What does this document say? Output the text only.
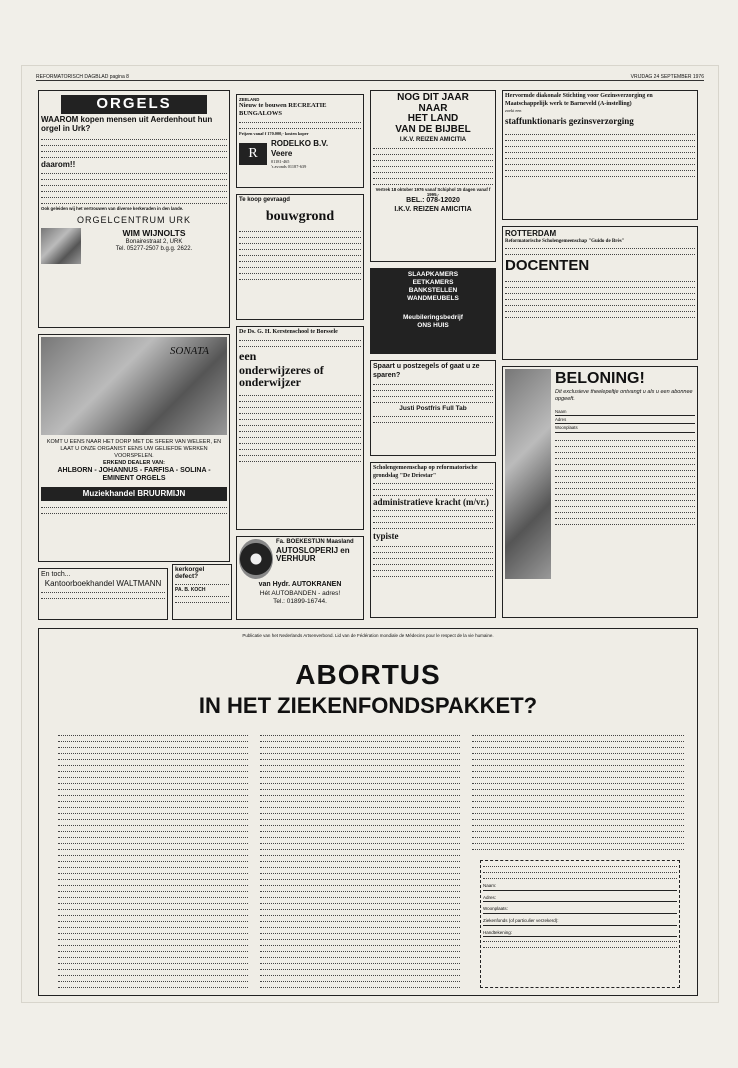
REFORMATORISCH DAGBLAD pagina 8	VRIJDAG 24 SEPTEMBER 1976
ORGELS
WAAROM kopen mensen uit Aerdenhout hun orgel in Urk?
daarom!!
Ook geleiden wij het vertrouwen van diverse kerkeraden in den lande.
ORGELCENTRUM URK
WIM WIJNOLTS
Bonairestraat 2, URK
Tel. 05277-2507 b.g.g. 2622.
ZEELAND
Nieuw te bouwen RECREATIE BUNGALOWS
Prijzen vanaf f 170.000,- kosten koper
R
RODELKO B.V.
Veere
01181-465
's avonds 01187-639
NOG DIT JAAR
NAAR
HET LAND
VAN DE BIJBEL
I.K.V. REIZEN AMICITIA
Vertrek 18 oktober 1976 vanaf Schiphol 15 dagen vanaf f 1995,-
BEL.: 078-12020
I.K.V. REIZEN AMICITIA
Hervormde diakonale Stichting voor Gezinsverzorging en Maatschappelijk werk te Barneveld (A-instelling)
zoekt een
staffunktionaris gezinsverzorging
Te koop gevraagd
bouwgrond
SLAAPKAMERS
EETKAMERS
BANKSTELLEN
WANDMEUBELS
Meubileringsbedrijf
ONS HUIS
ROTTERDAM
Reformatorische Scholengemeenschap "Guido de Brès"
DOCENTEN
SONATA
KOMT U EENS NAAR HET DORP MET DE SFEER VAN WELEER, EN LAAT U ONZE ORGANIST EENS UW GELIEFDE WERKEN VOORSPELEN.
ERKEND DEALER VAN:
AHLBORN - JOHANNUS - FARFISA - SOLINA - EMINENT ORGELS
Muziekhandel BRUURMIJN
De Ds. G. H. Kerstenschool te Borssele
een
onderwijzeres of onderwijzer
Spaart u postzegels of gaat u ze sparen?
Justi Postfris Full Tab
BELONING!
Dit exclusieve theelepeltje ontvangt u als u een abonnee opgeeft.
Naam
Adres
Woonplaats
Scholengemeenschap op reformatorische grondslag "De Driestar"
administratieve kracht (m/vr.)
typiste
En toch...
Kantoorboekhandel WALTMANN
kerkorgel defect?
PA. B. KOCH
Fa. BOEKESTIJN Maasland
AUTOSLOPERIJ en VERHUUR
van Hydr. AUTOKRANEN
Hét AUTOBANDEN - adres!
Tel.: 01899-16744.
Publicatie van het Nederlands Artsenverbond. Lid van de Fédération mondiale de Médecins pour le respect de la vie humaine.
ABORTUS
IN HET ZIEKENFONDSPAKKET?
Naam:
Adres:
Woonplaats:
Ziekenfonds (of particulier verzekerd):
Handtekening:
